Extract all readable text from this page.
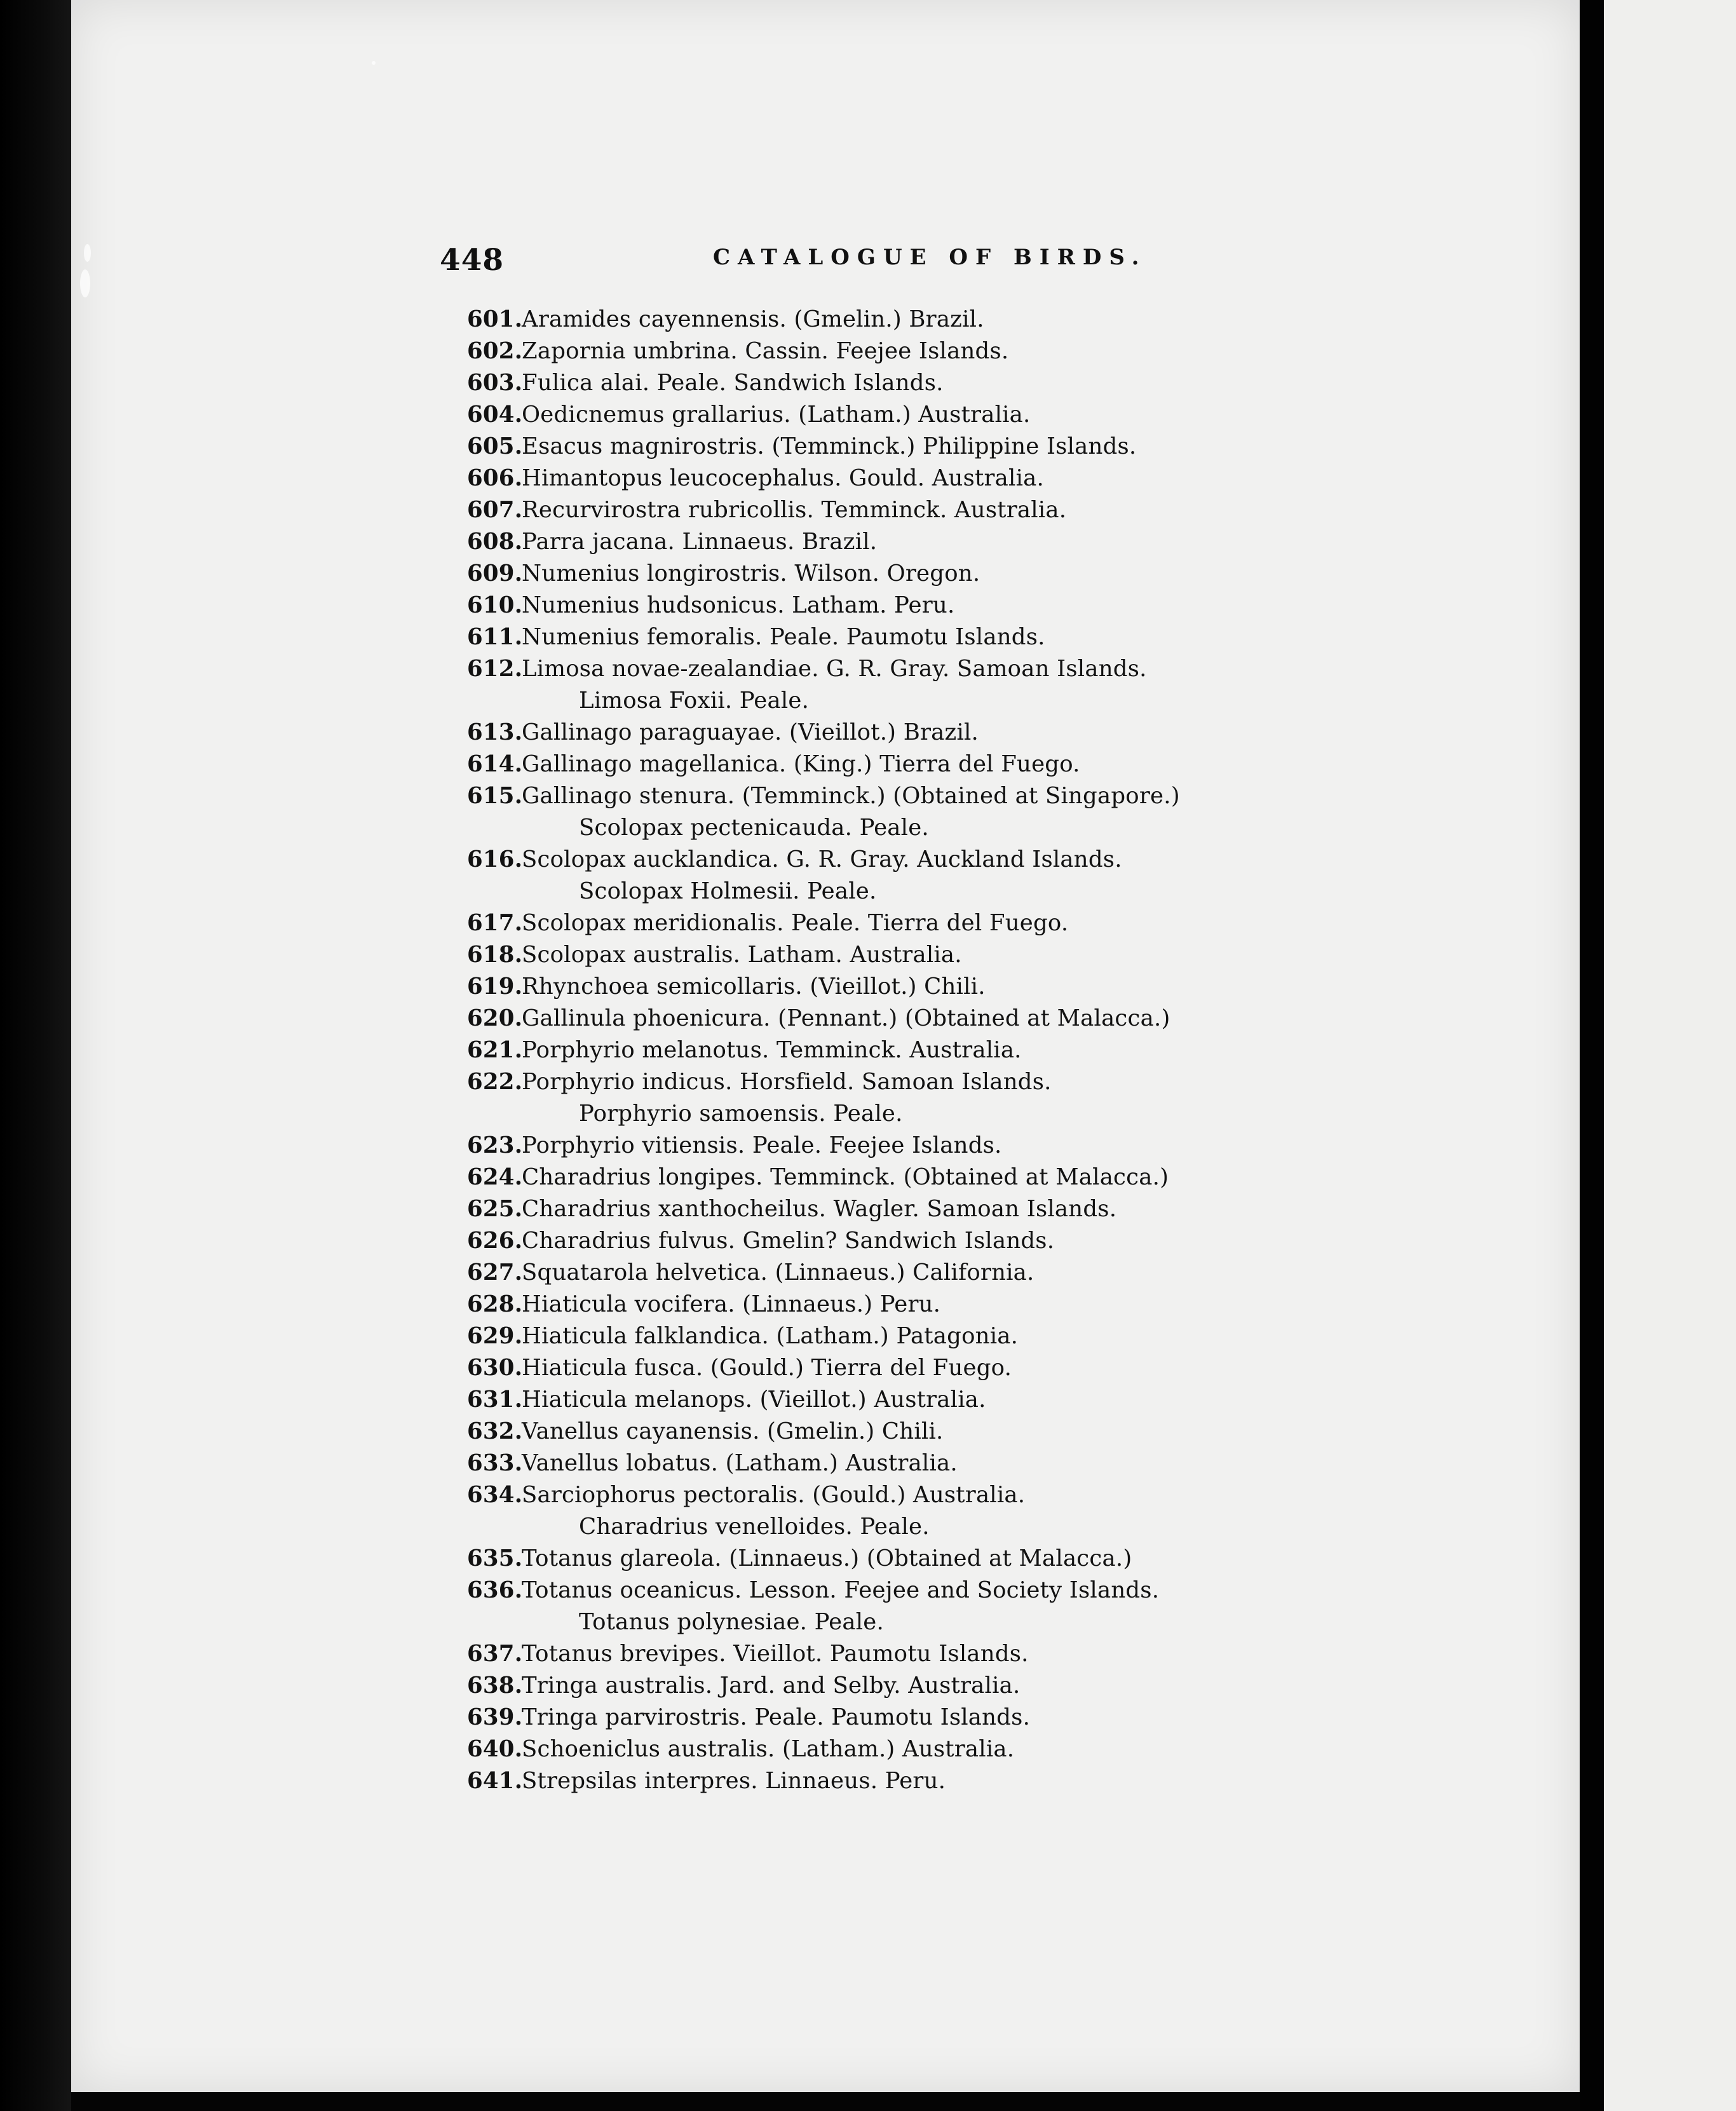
448	CATALOGUE OF BIRDS.
601.Aramides cayennensis. (Gmelin.) Brazil.
602.Zapornia umbrina. Cassin. Feejee Islands.
603.Fulica alai. Peale. Sandwich Islands.
604.Oedicnemus grallarius. (Latham.) Australia.
605.Esacus magnirostris. (Temminck.) Philippine Islands.
606.Himantopus leucocephalus. Gould. Australia.
607.Recurvirostra rubricollis. Temminck. Australia.
608.Parra jacana. Linnaeus. Brazil.
609.Numenius longirostris. Wilson. Oregon.
610.Numenius hudsonicus. Latham. Peru.
611.Numenius femoralis. Peale. Paumotu Islands.
612.Limosa novae-zealandiae. G. R. Gray. Samoan Islands.
Limosa Foxii. Peale.
613.Gallinago paraguayae. (Vieillot.) Brazil.
614.Gallinago magellanica. (King.) Tierra del Fuego.
615.Gallinago stenura. (Temminck.) (Obtained at Singapore.)
Scolopax pectenicauda. Peale.
616.Scolopax aucklandica. G. R. Gray. Auckland Islands.
Scolopax Holmesii. Peale.
617.Scolopax meridionalis. Peale. Tierra del Fuego.
618.Scolopax australis. Latham. Australia.
619.Rhynchoea semicollaris. (Vieillot.) Chili.
620.Gallinula phoenicura. (Pennant.) (Obtained at Malacca.)
621.Porphyrio melanotus. Temminck. Australia.
622.Porphyrio indicus. Horsfield. Samoan Islands.
Porphyrio samoensis. Peale.
623.Porphyrio vitiensis. Peale. Feejee Islands.
624.Charadrius longipes. Temminck. (Obtained at Malacca.)
625.Charadrius xanthocheilus. Wagler. Samoan Islands.
626.Charadrius fulvus. Gmelin? Sandwich Islands.
627.Squatarola helvetica. (Linnaeus.) California.
628.Hiaticula vocifera. (Linnaeus.) Peru.
629.Hiaticula falklandica. (Latham.) Patagonia.
630.Hiaticula fusca. (Gould.) Tierra del Fuego.
631.Hiaticula melanops. (Vieillot.) Australia.
632.Vanellus cayanensis. (Gmelin.) Chili.
633.Vanellus lobatus. (Latham.) Australia.
634.Sarciophorus pectoralis. (Gould.) Australia.
Charadrius venelloides. Peale.
635.Totanus glareola. (Linnaeus.) (Obtained at Malacca.)
636.Totanus oceanicus. Lesson. Feejee and Society Islands.
Totanus polynesiae. Peale.
637.Totanus brevipes. Vieillot. Paumotu Islands.
638.Tringa australis. Jard. and Selby. Australia.
639.Tringa parvirostris. Peale. Paumotu Islands.
640.Schoeniclus australis. (Latham.) Australia.
641.Strepsilas interpres. Linnaeus. Peru.
